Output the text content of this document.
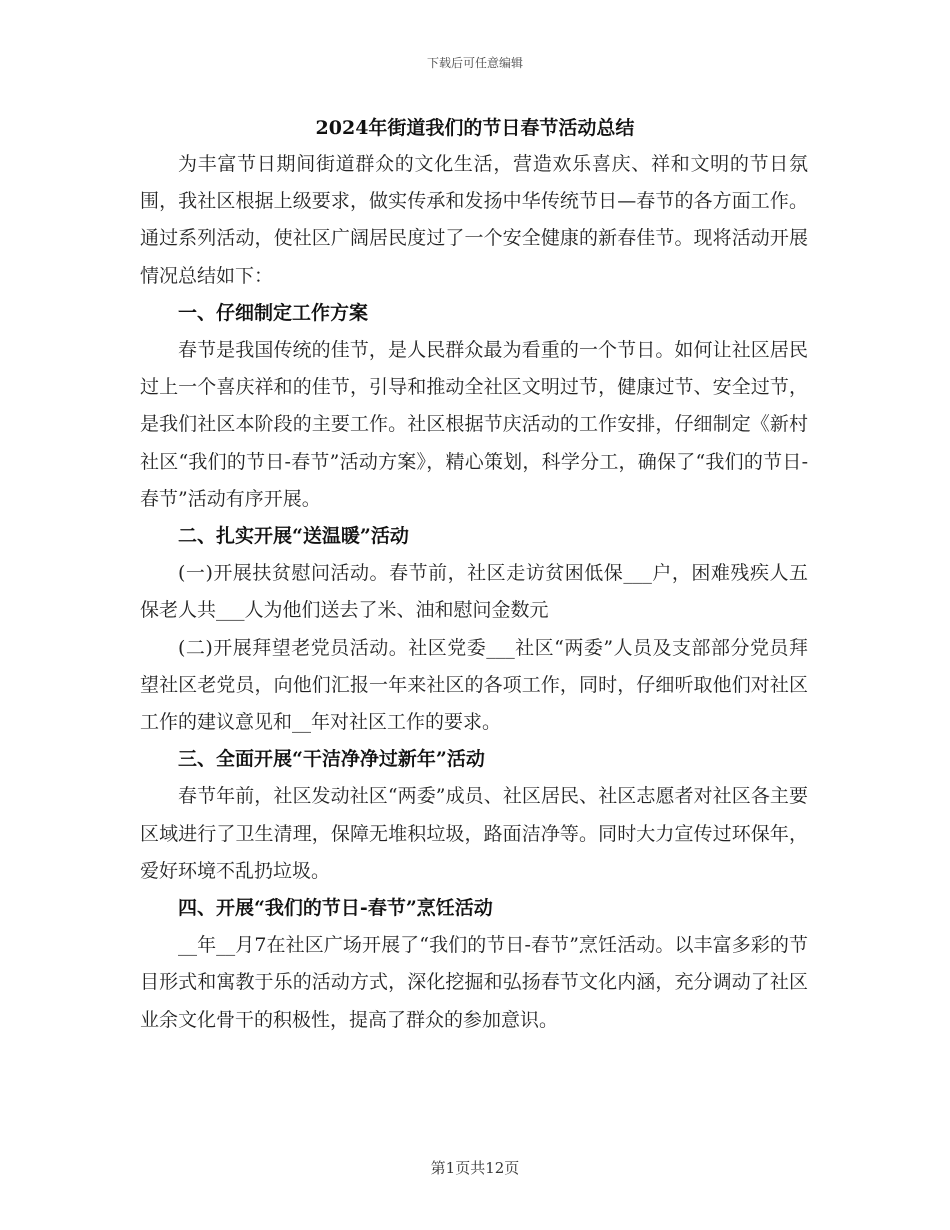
下载后可任意编辑
2024年街道我们的节日春节活动总结

为丰富节日期间街道群众的文化生活，营造欢乐喜庆、祥和文明的节日氛围，我社区根据上级要求，做实传承和发扬中华传统节日—春节的各方面工作。通过系列活动，使社区广阔居民度过了一个安全健康的新春佳节。现将活动开展情况总结如下：

一、仔细制定工作方案

春节是我国传统的佳节，是人民群众最为看重的一个节日。如何让社区居民过上一个喜庆祥和的佳节，引导和推动全社区文明过节，健康过节、安全过节，是我们社区本阶段的主要工作。社区根据节庆活动的工作安排，仔细制定《新村社区“我们的节日-春节”活动方案》，精心策划，科学分工，确保了“我们的节日-春节”活动有序开展。

二、扎实开展“送温暖”活动

(一)开展扶贫慰问活动。春节前，社区走访贫困低保___户，困难残疾人五保老人共___人为他们送去了米、油和慰问金数元

(二)开展拜望老党员活动。社区党委___社区“两委”人员及支部部分党员拜望社区老党员，向他们汇报一年来社区的各项工作，同时，仔细听取他们对社区工作的建议意见和__年对社区工作的要求。

三、全面开展“干洁净净过新年”活动

春节年前，社区发动社区“两委”成员、社区居民、社区志愿者对社区各主要区域进行了卫生清理，保障无堆积垃圾，路面洁净等。同时大力宣传过环保年，爱好环境不乱扔垃圾。

四、开展“我们的节日-春节”烹饪活动

__年__月7在社区广场开展了“我们的节日-春节”烹饪活动。以丰富多彩的节目形式和寓教于乐的活动方式，深化挖掘和弘扬春节文化内涵，充分调动了社区业余文化骨干的积极性，提高了群众的参加意识。

第1页共12页
